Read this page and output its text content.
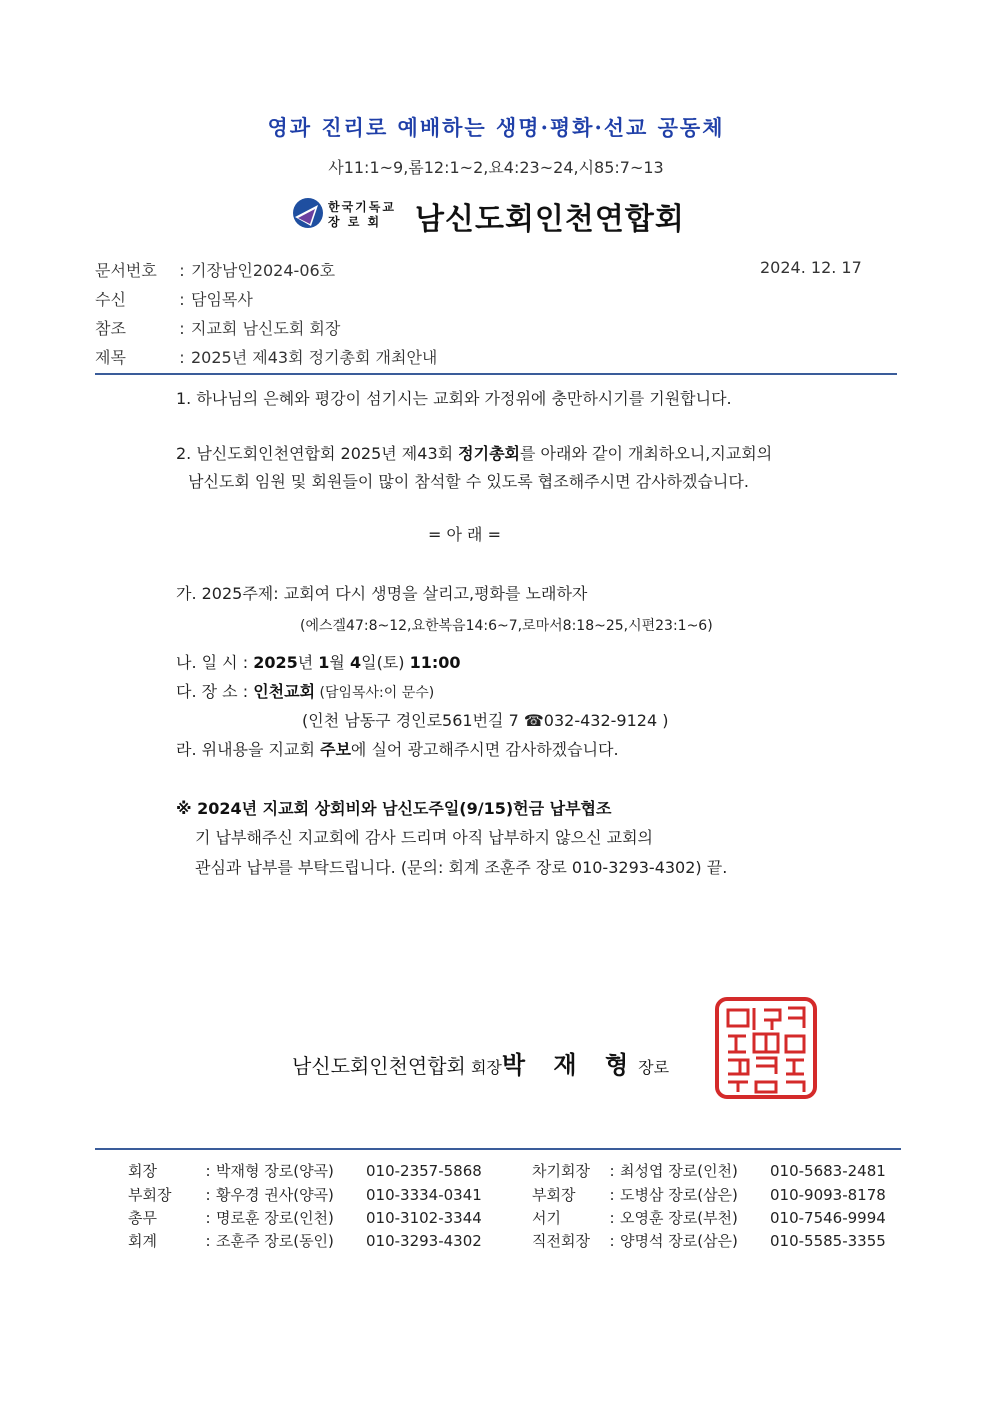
영과 진리로 예배하는 생명·평화·선교 공동체
사11:1~9,롬12:1~2,요4:23~24,시85:7~13
한국기독교
장 로 회	남신도회인천연합회
문서번호 : 기장남인2024-06호	2024. 12. 17
수신	: 담임목사
참조	: 지교회 남신도회 회장
제목	: 2025년 제43회 정기총회 개최안내
1. 하나님의 은혜와 평강이 섬기시는 교회와 가정위에 충만하시기를 기원합니다.
2. 남신도회인천연합회 2025년 제43회 정기총회를 아래와 같이 개최하오니,지교회의
남신도회 임원 및 회원들이 많이 참석할 수 있도록 협조해주시면 감사하겠습니다.
= 아 래 =
가. 2025주제: 교회여 다시 생명을 살리고,평화를 노래하자
(에스겔47:8~12,요한복음14:6~7,로마서8:18~25,시편23:1~6)
나. 일 시 : 2025년 1월 4일(토) 11:00
다. 장 소 : 인천교회 (담임목사:이 문수)
(인천 남동구 경인로561번길 7 ☎032-432-9124 )
라. 위내용을 지교회 주보에 실어 광고해주시면 감사하겠습니다.
※ 2024년 지교회 상회비와 남신도주일(9/15)헌금 납부협조
기 납부해주신 지교회에 감사 드리며 아직 납부하지 않으신 교회의
관심과 납부를 부탁드립니다. (문의: 회계 조훈주 장로 010-3293-4302) 끝.
남신도회인천연합회 회장박 재 형장로
회장	: 박재형 장로(양곡) 010-2357-5868	차기회장 : 최성엽 장로(인천) 010-5683-2481
부회장 : 황우경 권사(양곡) 010-3334-0341	부회장 : 도병삼 장로(삼은) 010-9093-8178
총무	: 명로훈 장로(인천) 010-3102-3344	서기	: 오영훈 장로(부천) 010-7546-9994
회계	: 조훈주 장로(동인) 010-3293-4302	직전회장 : 양명석 장로(삼은) 010-5585-3355
